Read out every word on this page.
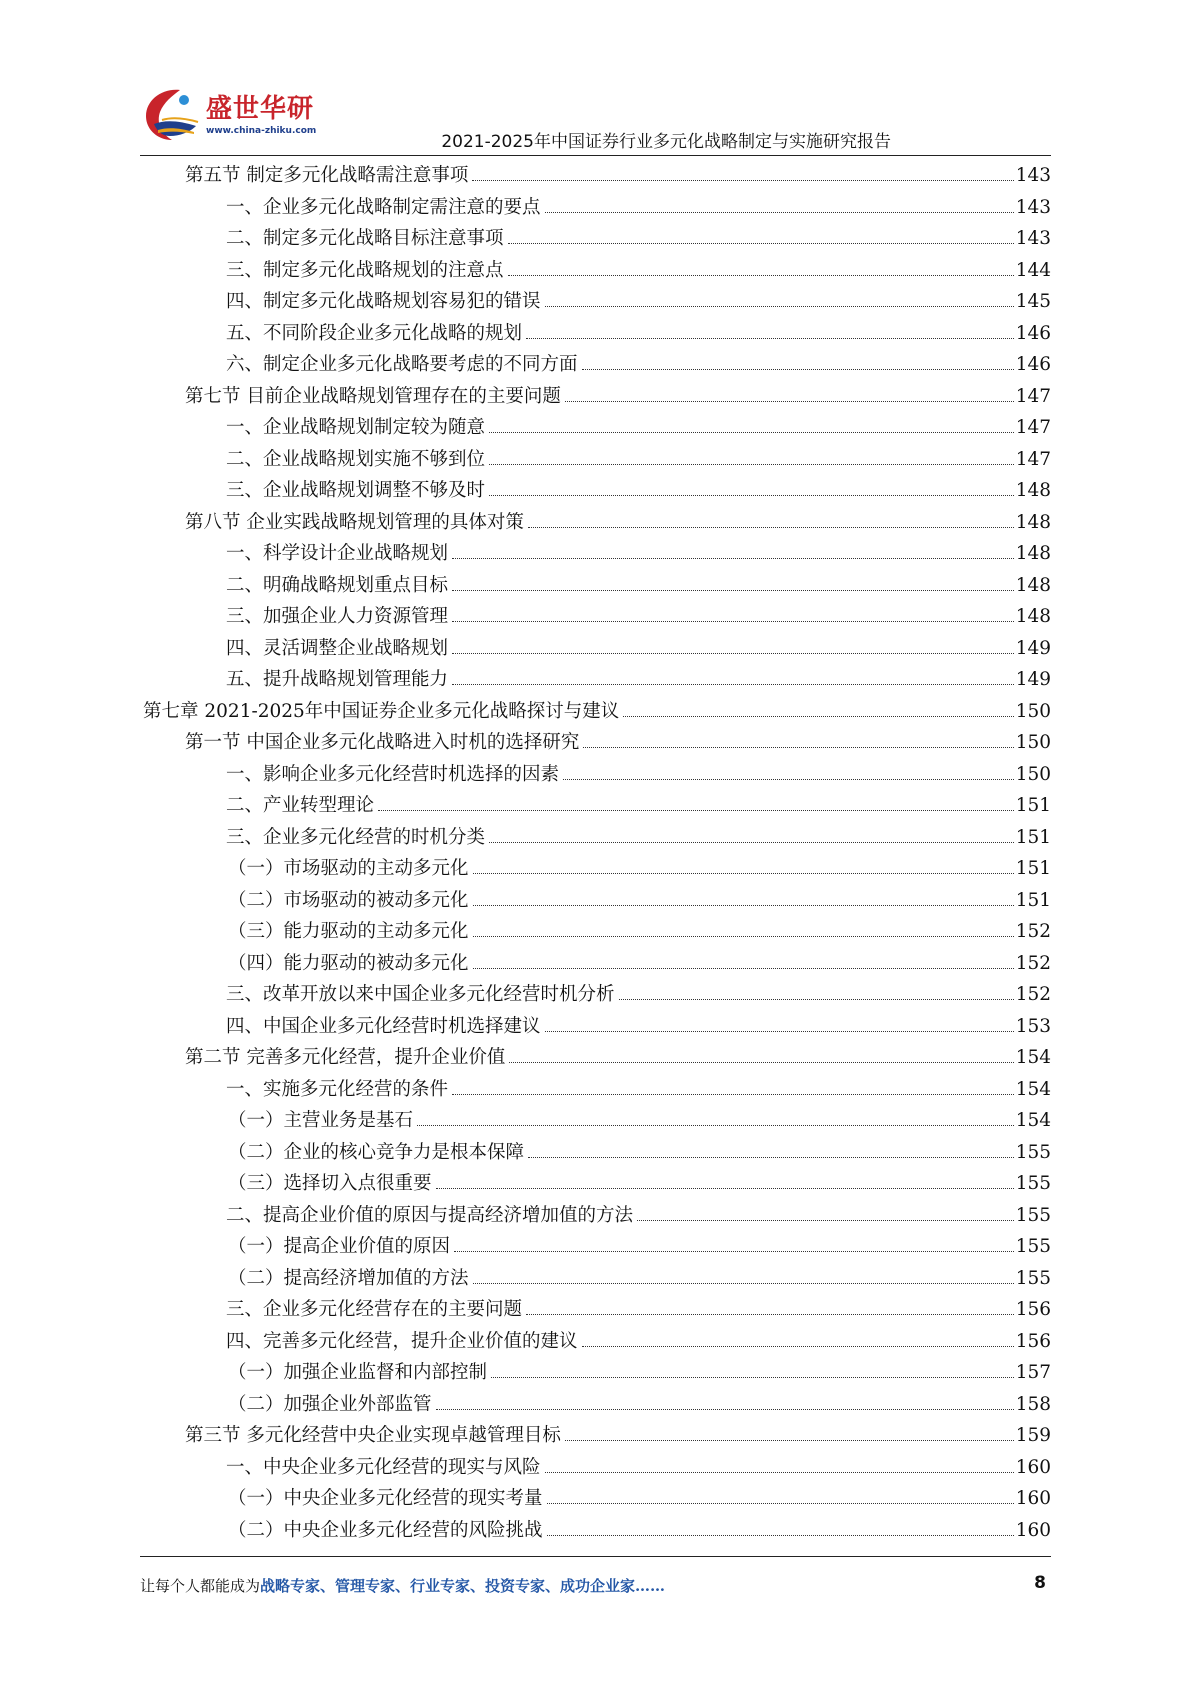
盛世华研
www.china-zhiku.com
2021-2025年中国证券行业多元化战略制定与实施研究报告
第五节 制定多元化战略需注意事项	143
一、企业多元化战略制定需注意的要点	143
二、制定多元化战略目标注意事项	143
三、制定多元化战略规划的注意点	144
四、制定多元化战略规划容易犯的错误	145
五、不同阶段企业多元化战略的规划	146
六、制定企业多元化战略要考虑的不同方面	146
第七节 目前企业战略规划管理存在的主要问题	147
一、企业战略规划制定较为随意	147
二、企业战略规划实施不够到位	147
三、企业战略规划调整不够及时	148
第八节 企业实践战略规划管理的具体对策	148
一、科学设计企业战略规划	148
二、明确战略规划重点目标	148
三、加强企业人力资源管理	148
四、灵活调整企业战略规划	149
五、提升战略规划管理能力	149
第七章 2021-2025年中国证券企业多元化战略探讨与建议	150
第一节 中国企业多元化战略进入时机的选择研究	150
一、影响企业多元化经营时机选择的因素	150
二、产业转型理论	151
三、企业多元化经营的时机分类	151
（一）市场驱动的主动多元化	151
（二）市场驱动的被动多元化	151
（三）能力驱动的主动多元化	152
（四）能力驱动的被动多元化	152
三、改革开放以来中国企业多元化经营时机分析	152
四、中国企业多元化经营时机选择建议	153
第二节 完善多元化经营，提升企业价值	154
一、实施多元化经营的条件	154
（一）主营业务是基石	154
（二）企业的核心竞争力是根本保障	155
（三）选择切入点很重要	155
二、提高企业价值的原因与提高经济增加值的方法	155
（一）提高企业价值的原因	155
（二）提高经济增加值的方法	155
三、企业多元化经营存在的主要问题	156
四、完善多元化经营，提升企业价值的建议	156
（一）加强企业监督和内部控制	157
（二）加强企业外部监管	158
第三节 多元化经营中央企业实现卓越管理目标	159
一、中央企业多元化经营的现实与风险	160
（一）中央企业多元化经营的现实考量	160
（二）中央企业多元化经营的风险挑战	160
让每个人都能成为战略专家、管理专家、行业专家、投资专家、成功企业家……	8
